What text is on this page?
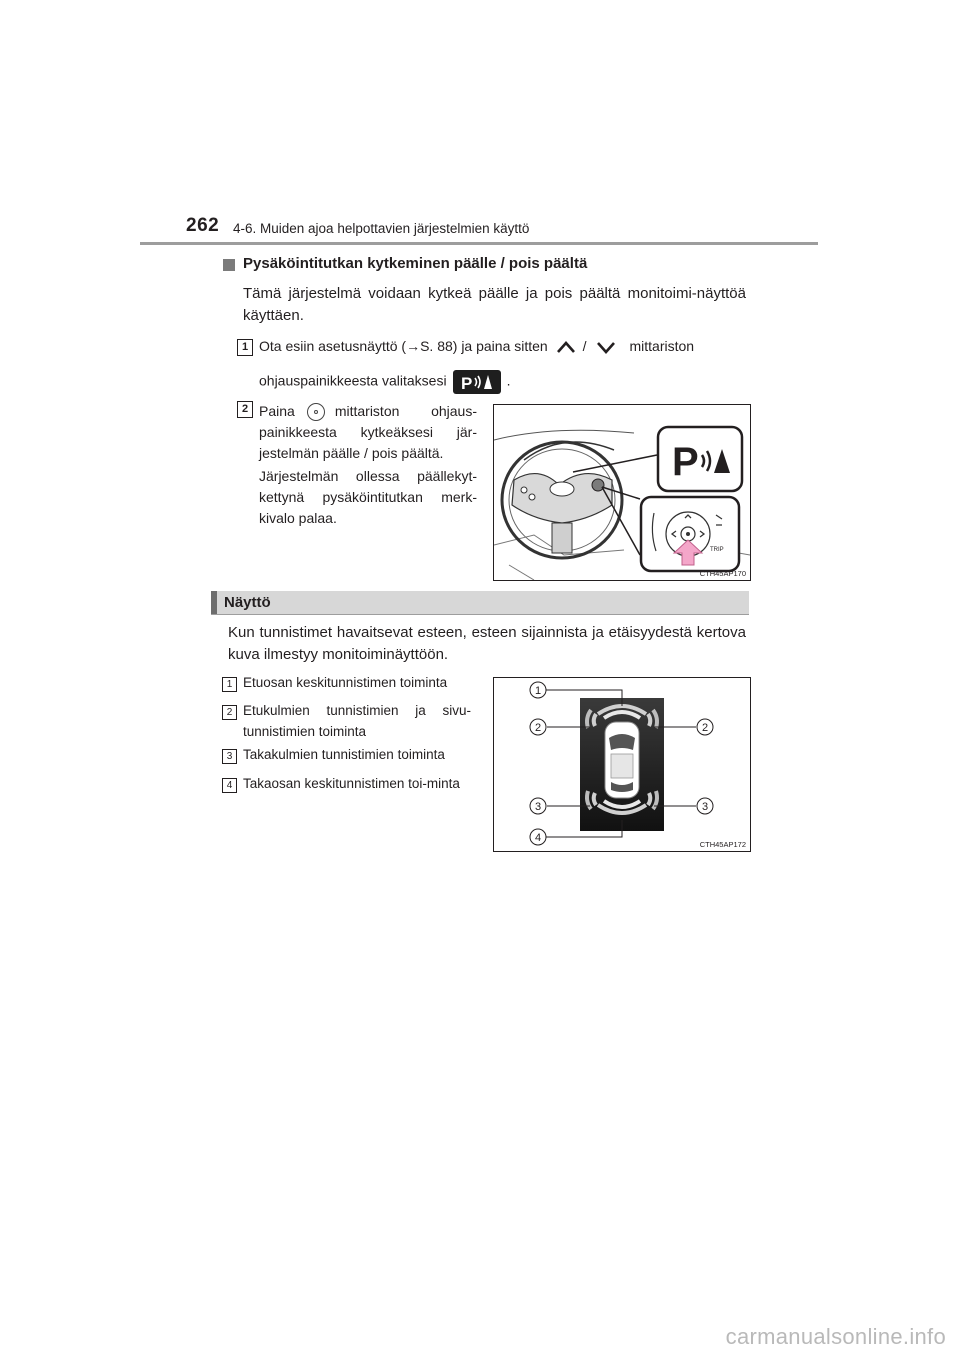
262 4-6. Muiden ajoa helpottavien järjestelmien käyttö
Pysäköintitutkan kytkeminen päälle / pois päältä
Tämä järjestelmä voidaan kytkeä päälle ja pois päältä monitoimi-näyttöä käyttäen.
1 Ota esiin asetusnäyttö (→S. 88) ja paina sitten /	mittariston
ohjauspainikkeesta valitaksesi P .
2 Paina	mittariston ohjaus-painikkeesta kytkeäksesi jär-jestelmän päälle / pois päältä.
Järjestelmän ollessa päällekyt-kettynä pysäköintitutkan merk-kivalo palaa.
P
TRIP
CTH45AP170
Näyttö
Kun tunnistimet havaitsevat esteen, esteen sijainnista ja etäisyydestä kertova kuva ilmestyy monitoiminäyttöön.
1 Etuosan keskitunnistimen toiminta
2 Etukulmien tunnistimien ja sivu-tunnistimien toiminta
3 Takakulmien tunnistimien toiminta
4 Takaosan keskitunnistimen toi-minta
1
2	2
3	3
4
CTH45AP172
carmanualsonline.info
